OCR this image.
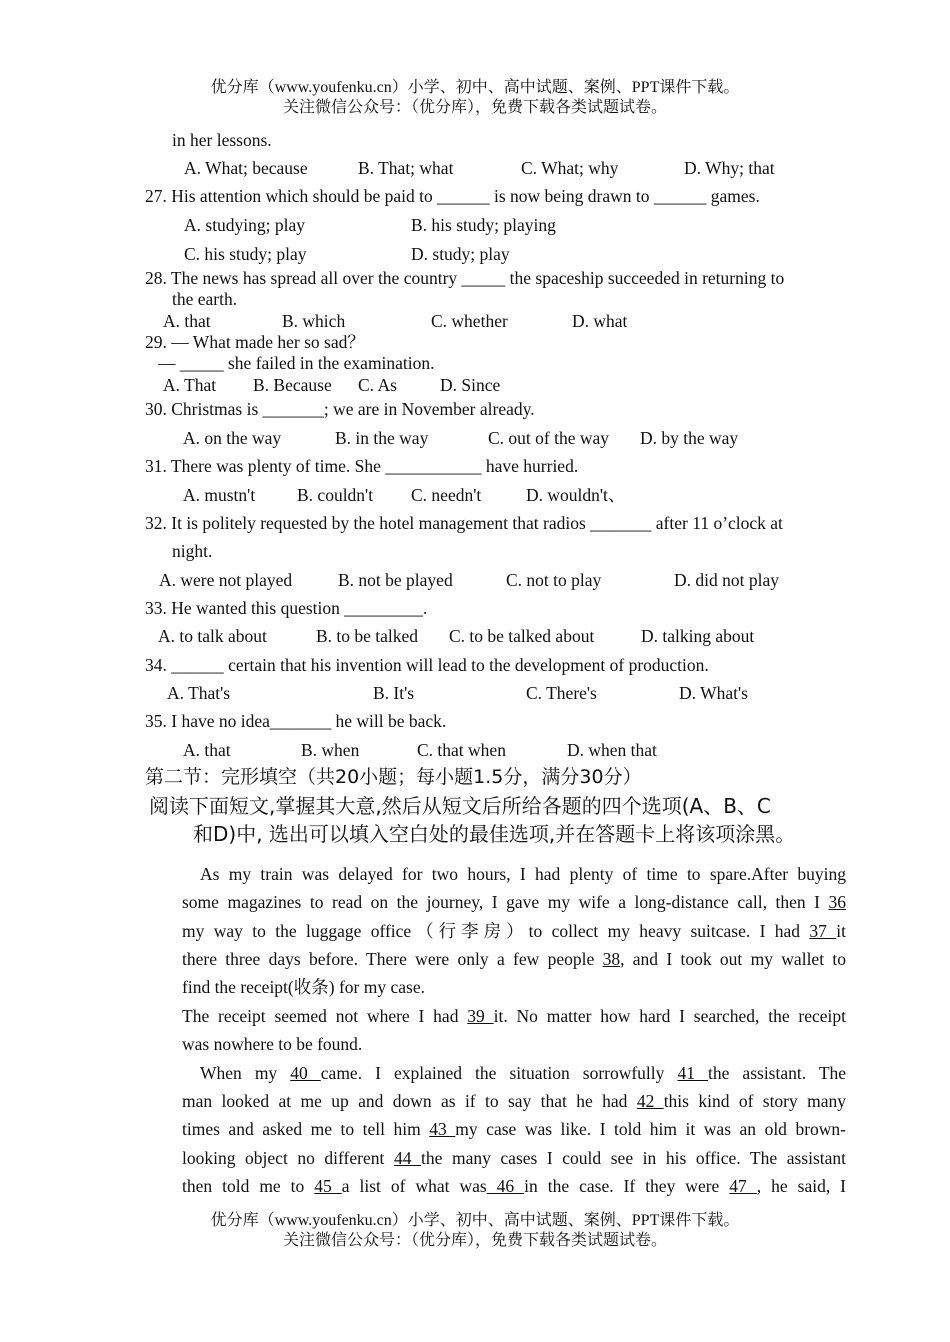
优分库（www.youfenku.cn）小学、初中、高中试题、案例、PPT课件下载。
关注微信公众号：（优分库），免费下载各类试题试卷。
in her lessons.
A. What; because	B. That; what	C. What; why	D. Why; that
27. His attention which should be paid to ______ is now being drawn to ______ games.
A. studying; play	B. his study; playing
C. his study; play	D. study; play
28. The news has spread all over the country _____ the spaceship succeeded in returning to
the earth.
A. that	B. which	C. whether	D. what
29. — What made her so sad？
— _____ she failed in the examination.
A. That B. Because C. As D. Since
30. Christmas is _______; we are in November already.
A. on the way	B. in the way	C. out of the way D. by the way
31. There was plenty of time. She ___________ have hurried.
A. mustn't B. couldn't C. needn't	D. wouldn't、
32. It is politely requested by the hotel management that radios _______ after 11 o’clock at
night.
A. were not played	B. not be played	C. not to play	D. did not play
33. He wanted this question _________.
A. to talk about	B. to be talked C. to be talked about	D. talking about
34. ______ certain that his invention will lead to the development of production.
A. That's	B. It's	C. There's	D. What's
35. I have no idea_______ he will be back.
A. that	B. when	C. that when	D. when that
第二节：完形填空（共20小题；每小题1.5分，满分30分）
阅读下面短文,掌握其大意,然后从短文后所给各题的四个选项(A、B、C
和D)中, 选出可以填入空白处的最佳选项,并在答题卡上将该项涂黑。
As my train was delayed for two hours, I had plenty of time to spare.After buying
some magazines to read on the journey, I gave my wife a long-distance call, then I 36
my way to the luggage office（行李房）to collect my heavy suitcase. I had 37 it
there three days before. There were only a few people 38, and I took out my wallet to
find the receipt(收条) for my case.
The receipt seemed not where I had 39 it. No matter how hard I searched, the receipt
was nowhere to be found.
When my 40 came. I explained the situation sorrowfully 41 the assistant. The
man looked at me up and down as if to say that he had 42 this kind of story many
times and asked me to tell him 43 my case was like. I told him it was an old brown-
looking object no different 44 the many cases I could see in his office. The assistant
then told me to 45 a list of what was 46 in the case. If they were 47 , he said, I
优分库（www.youfenku.cn）小学、初中、高中试题、案例、PPT课件下载。
关注微信公众号：（优分库），免费下载各类试题试卷。
